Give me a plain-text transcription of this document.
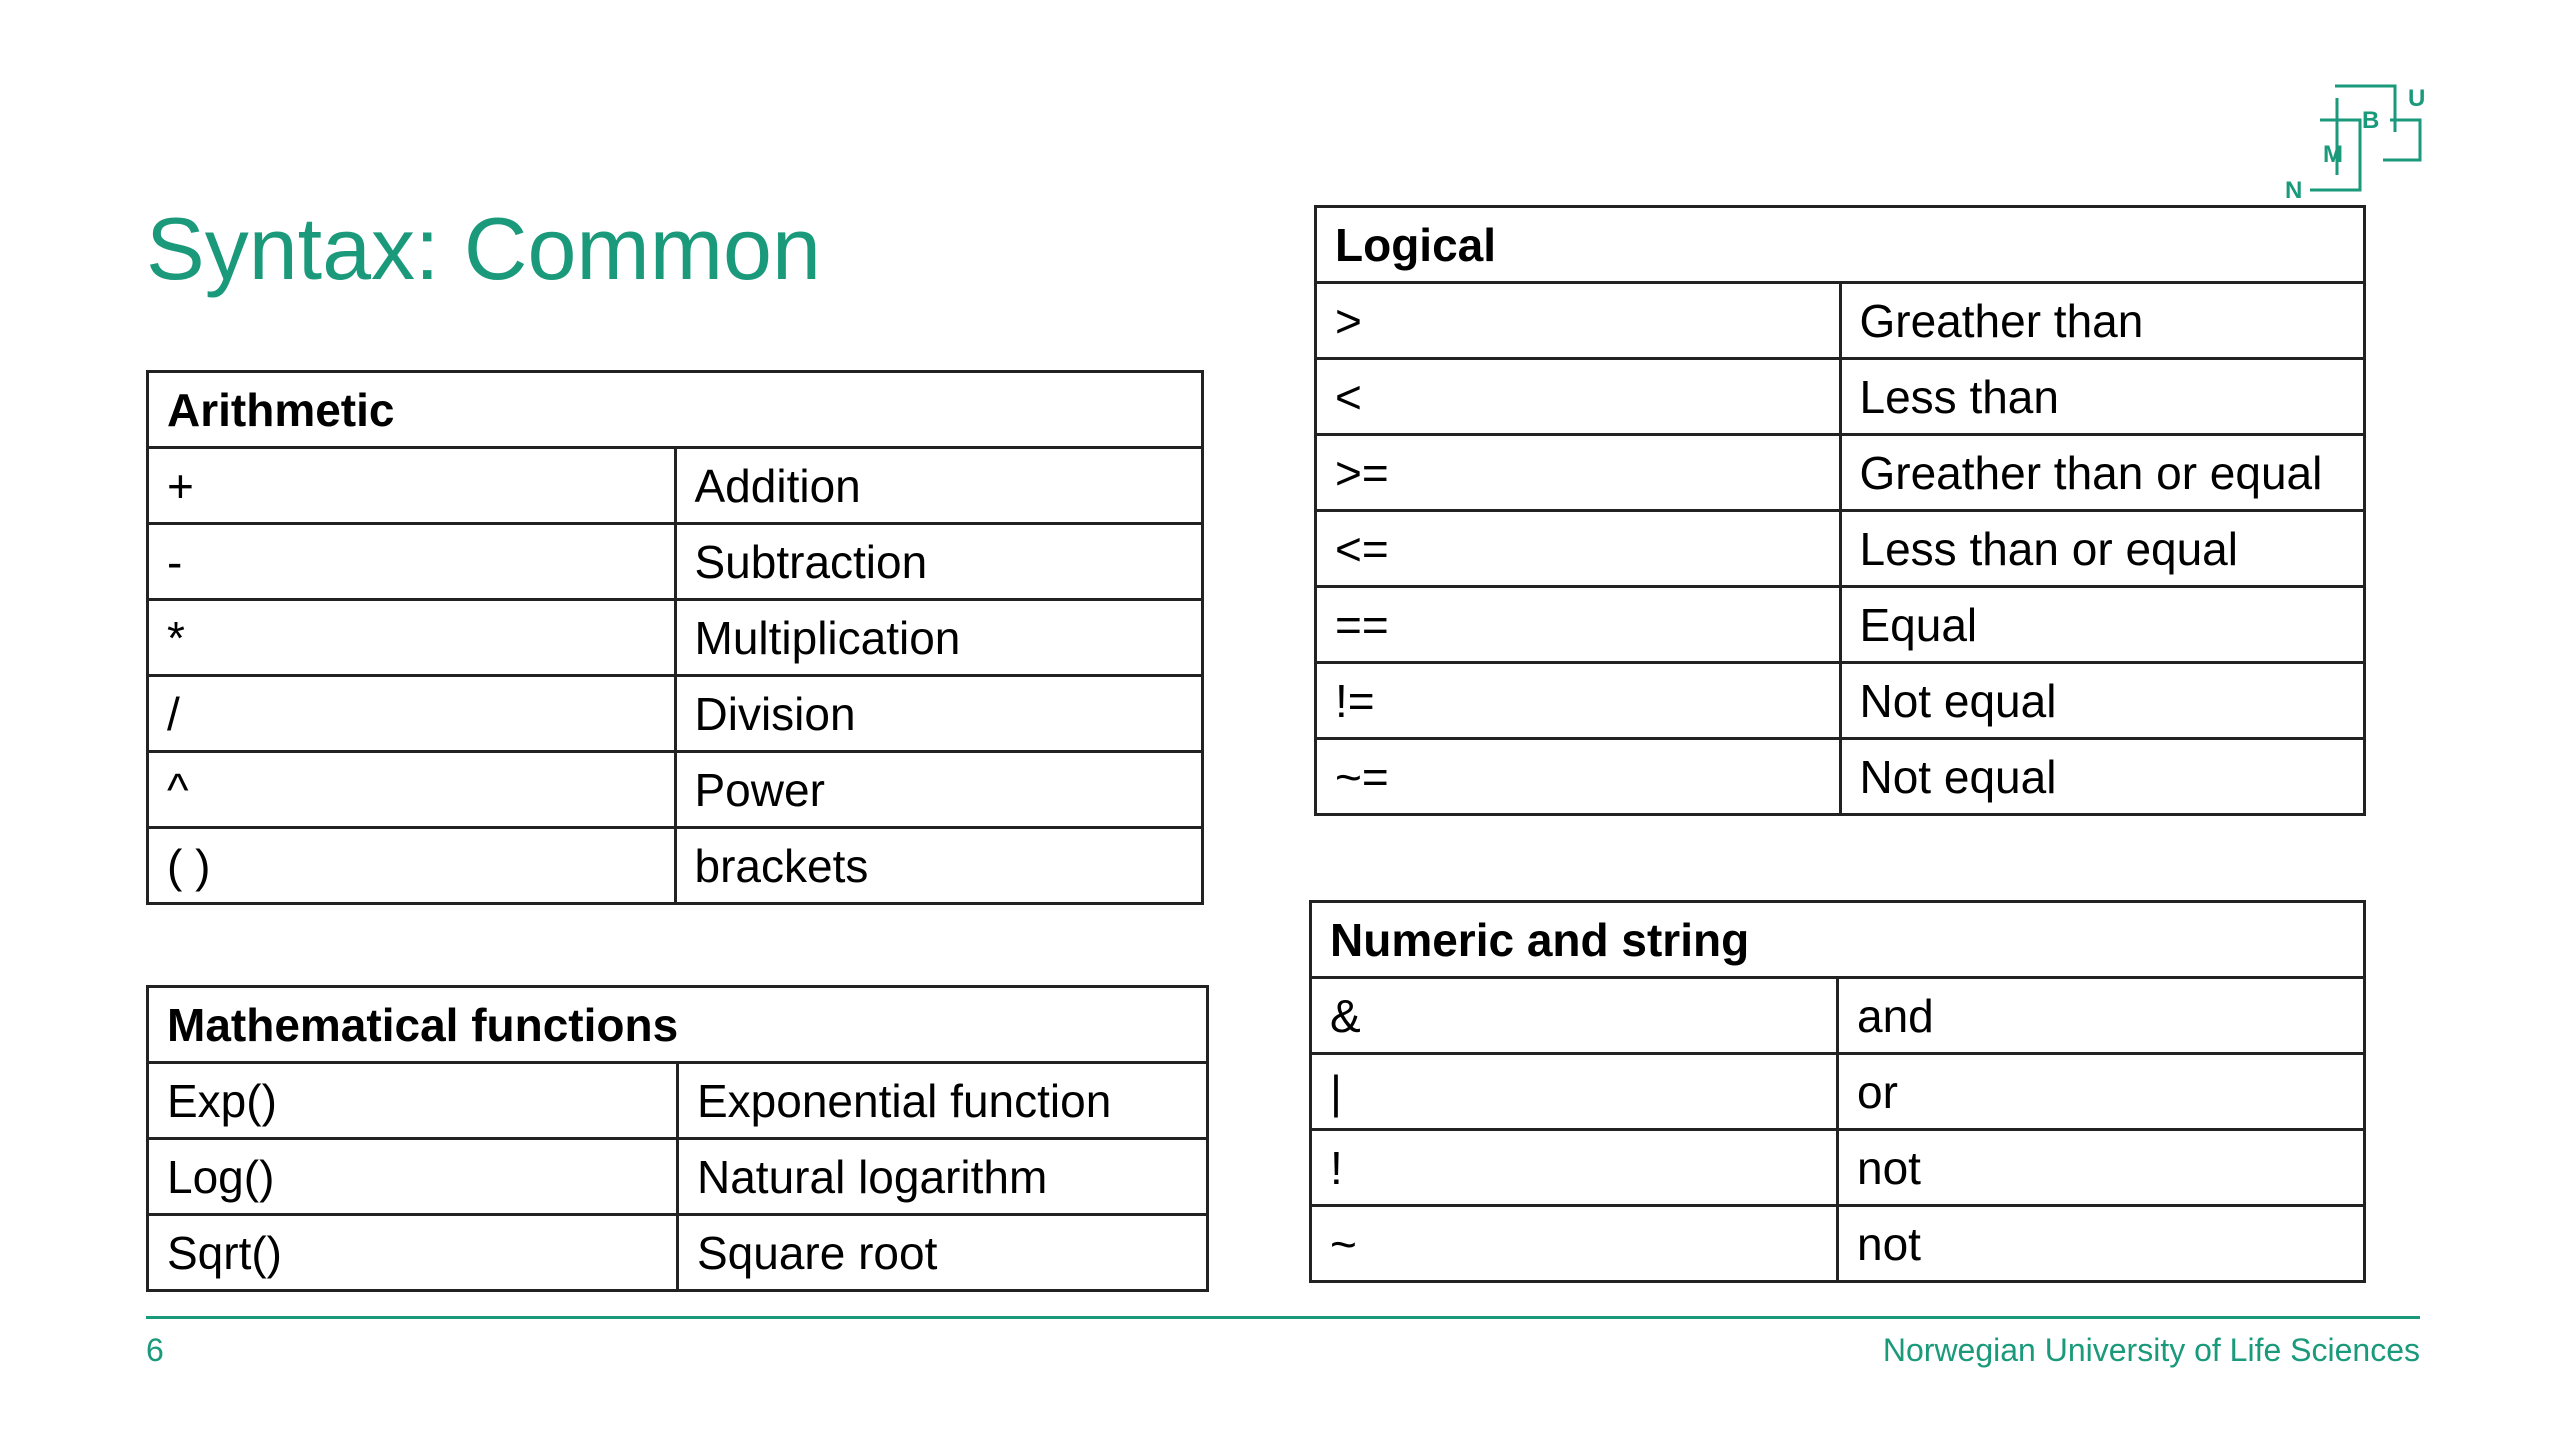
Syntax: Common
N
M
B
U
Arithmetic	
+	Addition
-	Subtraction
*	Multiplication
/	Division
^	Power
( )	brackets
Mathematical functions	
Exp()	Exponential function
Log()	Natural logarithm
Sqrt()	Square root
Logical	
>	Greather than
<	Less than
>=	Greather than or equal
<=	Less than or equal
==	Equal
!=	Not equal
~=	Not equal
Numeric and string	
&	and
|	or
!	not
~	not
6	Norwegian University of Life Sciences
